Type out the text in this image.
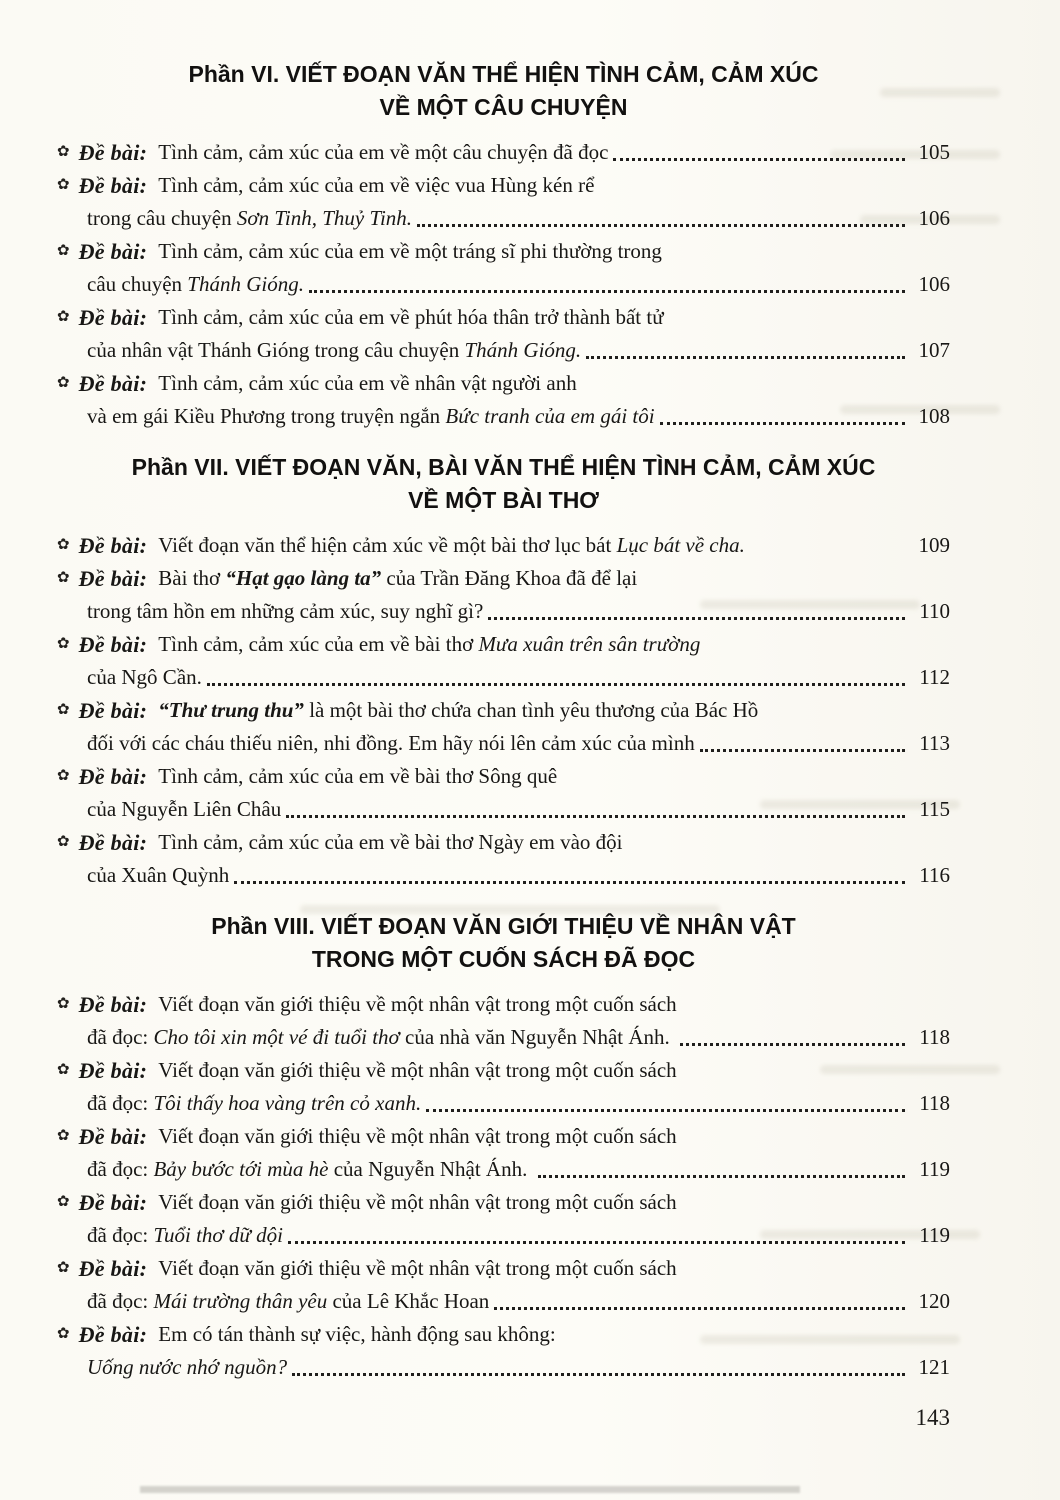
Phần VI. VIẾT ĐOẠN VĂN THỂ HIỆN TÌNH CẢM, CẢM XÚC
VỀ MỘT CÂU CHUYỆN
✿ Đề bài: Tình cảm, cảm xúc của em về một câu chuyện đã đọc	105
✿ Đề bài: Tình cảm, cảm xúc của em về việc vua Hùng kén rể
trong câu chuyện Sơn Tinh, Thuỷ Tinh.	106
✿ Đề bài: Tình cảm, cảm xúc của em về một tráng sĩ phi thường trong
câu chuyện Thánh Gióng.	106
✿ Đề bài: Tình cảm, cảm xúc của em về phút hóa thân trở thành bất tử
của nhân vật Thánh Gióng trong câu chuyện Thánh Gióng.	107
✿ Đề bài: Tình cảm, cảm xúc của em về nhân vật người anh
và em gái Kiều Phương trong truyện ngắn Bức tranh của em gái tôi	108
Phần VII. VIẾT ĐOẠN VĂN, BÀI VĂN THỂ HIỆN TÌNH CẢM, CẢM XÚC
VỀ MỘT BÀI THƠ
✿ Đề bài: Viết đoạn văn thể hiện cảm xúc về một bài thơ lục bát Lục bát về cha.	109
✿ Đề bài: Bài thơ “Hạt gạo làng ta” của Trần Đăng Khoa đã để lại
trong tâm hồn em những cảm xúc, suy nghĩ gì?	110
✿ Đề bài: Tình cảm, cảm xúc của em về bài thơ Mưa xuân trên sân trường
của Ngô Cần.	112
✿ Đề bài: “Thư trung thu” là một bài thơ chứa chan tình yêu thương của Bác Hồ
đối với các cháu thiếu niên, nhi đồng. Em hãy nói lên cảm xúc của mình	113
✿ Đề bài: Tình cảm, cảm xúc của em về bài thơ Sông quê
của Nguyễn Liên Châu	115
✿ Đề bài: Tình cảm, cảm xúc của em về bài thơ Ngày em vào đội
của Xuân Quỳnh	116
Phần VIII. VIẾT ĐOẠN VĂN GIỚI THIỆU VỀ NHÂN VẬT
TRONG MỘT CUỐN SÁCH ĐÃ ĐỌC
✿ Đề bài: Viết đoạn văn giới thiệu về một nhân vật trong một cuốn sách
đã đọc: Cho tôi xin một vé đi tuổi thơ của nhà văn Nguyễn Nhật Ánh.	118
✿ Đề bài: Viết đoạn văn giới thiệu về một nhân vật trong một cuốn sách
đã đọc: Tôi thấy hoa vàng trên cỏ xanh.	118
✿ Đề bài: Viết đoạn văn giới thiệu về một nhân vật trong một cuốn sách
đã đọc: Bảy bước tới mùa hè của Nguyễn Nhật Ánh.	119
✿ Đề bài: Viết đoạn văn giới thiệu về một nhân vật trong một cuốn sách
đã đọc: Tuổi thơ dữ dội	119
✿ Đề bài: Viết đoạn văn giới thiệu về một nhân vật trong một cuốn sách
đã đọc: Mái trường thân yêu của Lê Khắc Hoan	120
✿ Đề bài: Em có tán thành sự việc, hành động sau không:
Uống nước nhớ nguồn?	121
143
